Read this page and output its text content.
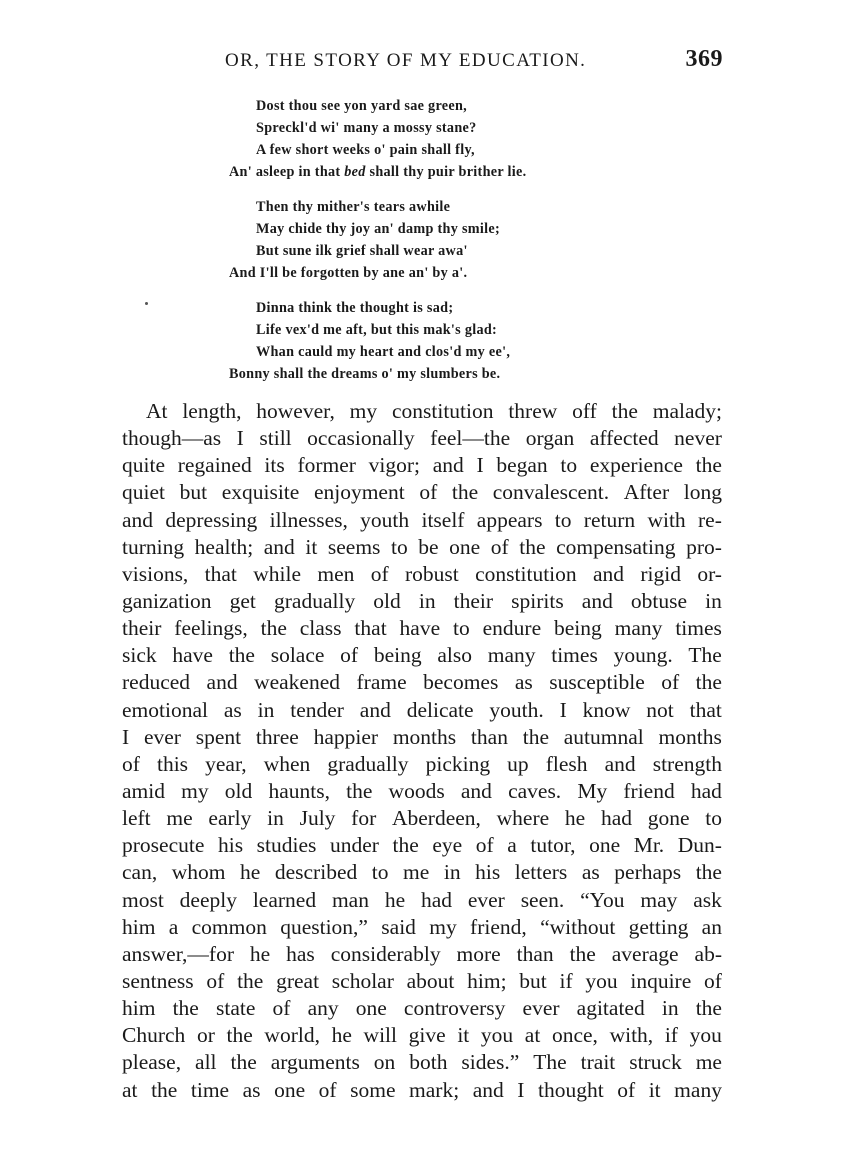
OR, THE STORY OF MY EDUCATION.	369
Dost thou see yon yard sae green,
Spreckl'd wi' many a mossy stane?
A few short weeks o' pain shall fly,
An' asleep in that bed shall thy puir brither lie.
Then thy mither's tears awhile
May chide thy joy an' damp thy smile;
But sune ilk grief shall wear awa'
And I'll be forgotten by ane an' by a'.
Dinna think the thought is sad;
Life vex'd me aft, but this mak's glad:
Whan cauld my heart and clos'd my ee',
Bonny shall the dreams o' my slumbers be.
At length, however, my constitution threw off the malady;
though—as I still occasionally feel—the organ affected never
quite regained its former vigor; and I began to experience the
quiet but exquisite enjoyment of the convalescent. After long
and depressing illnesses, youth itself appears to return with re-
turning health; and it seems to be one of the compensating pro-
visions, that while men of robust constitution and rigid or-
ganization get gradually old in their spirits and obtuse in
their feelings, the class that have to endure being many times
sick have the solace of being also many times young. The
reduced and weakened frame becomes as susceptible of the
emotional as in tender and delicate youth. I know not that
I ever spent three happier months than the autumnal months
of this year, when gradually picking up flesh and strength
amid my old haunts, the woods and caves. My friend had
left me early in July for Aberdeen, where he had gone to
prosecute his studies under the eye of a tutor, one Mr. Dun-
can, whom he described to me in his letters as perhaps the
most deeply learned man he had ever seen. “You may ask
him a common question,” said my friend, “without getting an
answer,—for he has considerably more than the average ab-
sentness of the great scholar about him; but if you inquire of
him the state of any one controversy ever agitated in the
Church or the world, he will give it you at once, with, if you
please, all the arguments on both sides.” The trait struck me
at the time as one of some mark; and I thought of it many
